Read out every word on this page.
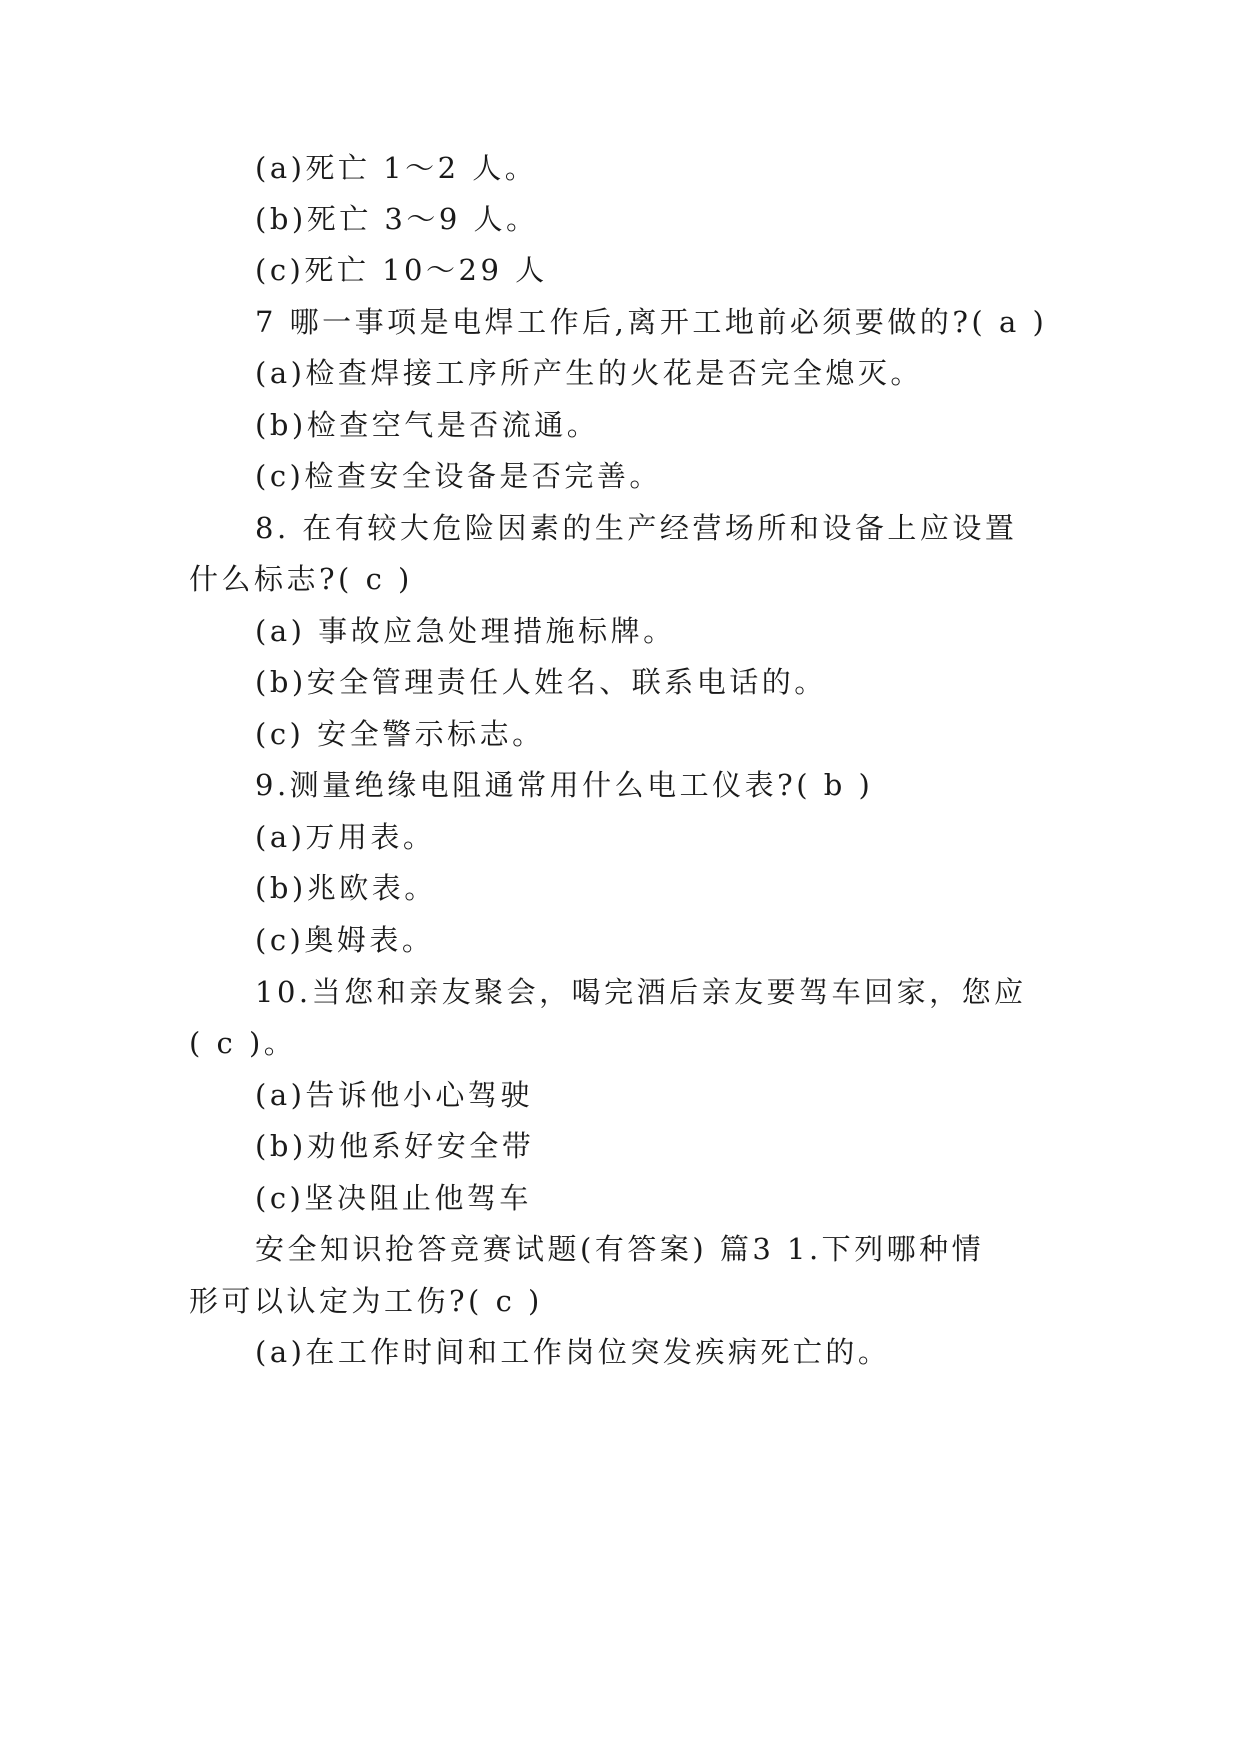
(a)死亡 1～2 人。
(b)死亡 3～9 人。
(c)死亡 10～29 人
7 哪一事项是电焊工作后,离开工地前必须要做的?( a )
(a)检查焊接工序所产生的火花是否完全熄灭。
(b)检查空气是否流通。
(c)检查安全设备是否完善。
8. 在有较大危险因素的生产经营场所和设备上应设置
什么标志?( c )
(a) 事故应急处理措施标牌。
(b)安全管理责任人姓名、联系电话的。
(c) 安全警示标志。
9.测量绝缘电阻通常用什么电工仪表?( b )
(a)万用表。
(b)兆欧表。
(c)奥姆表。
10.当您和亲友聚会，喝完酒后亲友要驾车回家，您应
( c )。
(a)告诉他小心驾驶
(b)劝他系好安全带
(c)坚决阻止他驾车
安全知识抢答竞赛试题(有答案) 篇3 1.下列哪种情
形可以认定为工伤?( c )
(a)在工作时间和工作岗位突发疾病死亡的。
